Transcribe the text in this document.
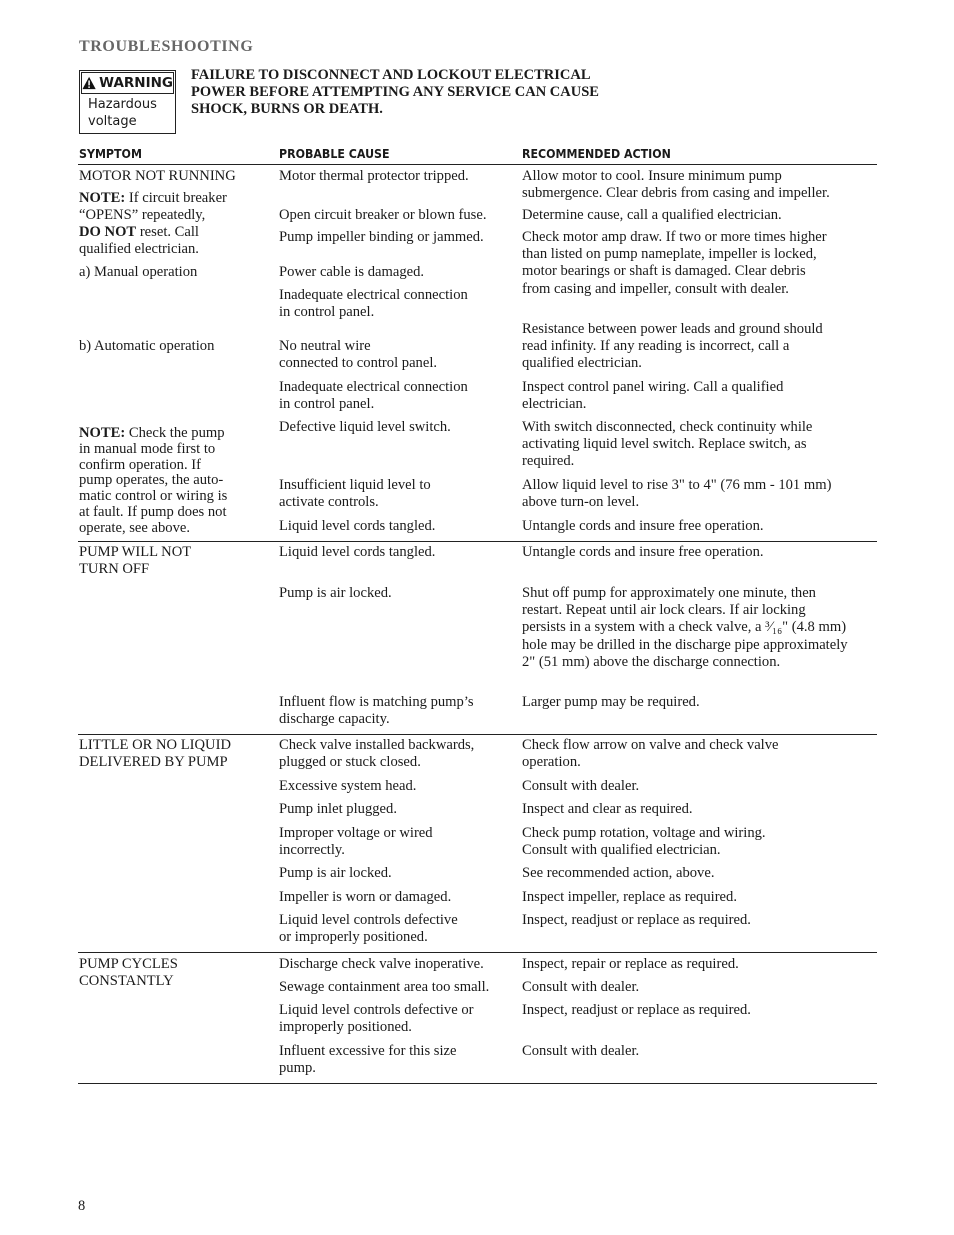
TROUBLESHOOTING
WARNING
Hazardous
voltage
FAILURE TO DISCONNECT AND LOCKOUT ELECTRICAL
POWER BEFORE ATTEMPTING ANY SERVICE CAN CAUSE
SHOCK, BURNS OR DEATH.
SYMPTOM	PROBABLE CAUSE	RECOMMENDED ACTION
MOTOR NOT RUNNING
NOTE: If circuit breaker
“OPENS” repeatedly,
DO NOT reset. Call
qualified electrician.
a) Manual operation
b) Automatic operation
NOTE: Check the pump
in manual mode first to
confirm operation. If
pump operates, the auto-
matic control or wiring is
at fault. If pump does not
operate, see above.
PUMP WILL NOT
TURN OFF
LITTLE OR NO LIQUID
DELIVERED BY PUMP
PUMP CYCLES
CONSTANTLY
Motor thermal protector tripped.
Open circuit breaker or blown fuse.
Pump impeller binding or jammed.
Power cable is damaged.
Inadequate electrical connection
in control panel.
No neutral wire
connected to control panel.
Inadequate electrical connection
in control panel.
Defective liquid level switch.
Insufficient liquid level to
activate controls.
Liquid level cords tangled.
Liquid level cords tangled.
Pump is air locked.
Influent flow is matching pump’s
discharge capacity.
Check valve installed backwards,
plugged or stuck closed.
Excessive system head.
Pump inlet plugged.
Improper voltage or wired
incorrectly.
Pump is air locked.
Impeller is worn or damaged.
Liquid level controls defective
or improperly positioned.
Discharge check valve inoperative.
Sewage containment area too small.
Liquid level controls defective or
improperly positioned.
Influent excessive for this size
pump.
Allow motor to cool. Insure minimum pump
submergence. Clear debris from casing and impeller.
Determine cause, call a qualified electrician.
Check motor amp draw. If two or more times higher
than listed on pump nameplate, impeller is locked,
motor bearings or shaft is damaged. Clear debris
from casing and impeller, consult with dealer.
Resistance between power leads and ground should
read infinity. If any reading is incorrect, call a
qualified electrician.
Inspect control panel wiring. Call a qualified
electrician.
With switch disconnected, check continuity while
activating liquid level switch. Replace switch, as
required.
Allow liquid level to rise 3" to 4" (76 mm - 101 mm)
above turn-on level.
Untangle cords and insure free operation.
Untangle cords and insure free operation.
Shut off pump for approximately one minute, then
restart. Repeat until air lock clears. If air locking
persists in a system with a check valve, a ³⁄₁₆" (4.8 mm)
hole may be drilled in the discharge pipe approximately
2" (51 mm) above the discharge connection.
Larger pump may be required.
Check flow arrow on valve and check valve
operation.
Consult with dealer.
Inspect and clear as required.
Check pump rotation, voltage and wiring.
Consult with qualified electrician.
See recommended action, above.
Inspect impeller, replace as required.
Inspect, readjust or replace as required.
Inspect, repair or replace as required.
Consult with dealer.
Inspect, readjust or replace as required.
Consult with dealer.
8
